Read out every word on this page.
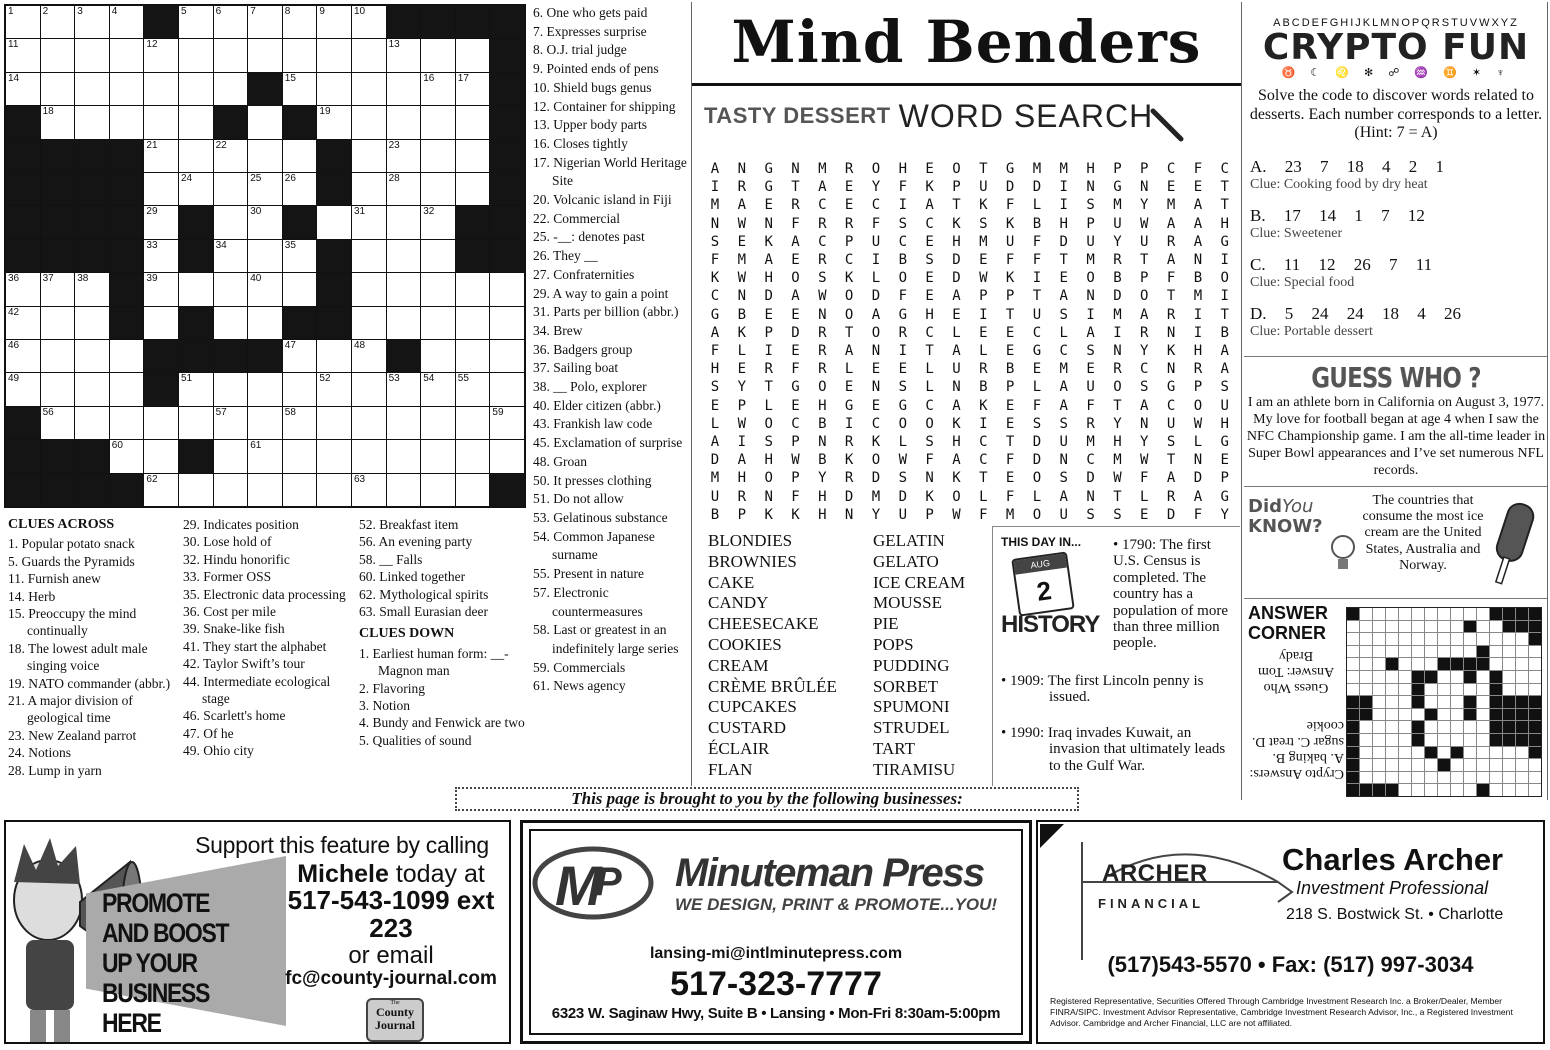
1	2	3	4	5	6	7	8	9	10
11	12	13
14	15	16 17
18	19
21	22	23
24	25 26	28
29	30	31	32
33	34	35
36 37 38	39	40
42
46	47	48
49	51	52	53 54 55
56	57	58	59
60	61
62	63
CLUES ACROSS
1. Popular potato snack
5. Guards the Pyramids
11. Furnish anew
14. Herb
15. Preoccupy the mind continually
18. The lowest adult male singing voice
19. NATO commander (abbr.)
21. A major division of geological time
23. New Zealand parrot
24. Notions
28. Lump in yarn
29. Indicates position
30. Lose hold of
32. Hindu honorific
33. Former OSS
35. Electronic data processing
36. Cost per mile
39. Snake-like fish
41. They start the alphabet
42. Taylor Swift’s tour
44. Intermediate ecological stage
46. Scarlett's home
47. Of he
49. Ohio city
52. Breakfast item
56. An evening party
58. __ Falls
60. Linked together
62. Mythological spirits
63. Small Eurasian deer
CLUES DOWN
1. Earliest human form: __-Magnon man
2. Flavoring
3. Notion
4. Bundy and Fenwick are two
5. Qualities of sound
6. One who gets paid
7. Expresses surprise
8. O.J. trial judge
9. Pointed ends of pens
10. Shield bugs genus
12. Container for shipping
13. Upper body parts
16. Closes tightly
17. Nigerian World Heritage Site
20. Volcanic island in Fiji
22. Commercial
25. -__: denotes past
26. They __
27. Confraternities
29. A way to gain a point
31. Parts per billion (abbr.)
34. Brew
36. Badgers group
37. Sailing boat
38. __ Polo, explorer
40. Elder citizen (abbr.)
43. Frankish law code
45. Exclamation of surprise
48. Groan
50. It presses clothing
51. Do not allow
53. Gelatinous substance
54. Common Japanese surname
55. Present in nature
57. Electronic countermeasures
58. Last or greatest in an indefinitely large series
59. Commercials
61. News agency
Mind Benders
TASTY DESSERT WORD SEARCH
A	N	G	N	M	R	O	H	E	O	T	G	M	M	H	P	P	C	F	C
I	R	G	T	A	E	Y	F	K	P	U	D	D	I	N	G	N	E	E	T
M	A	E	R	C	E	C	I	A	T	K	F	L	I	S	M	Y	M	A	T
N	W	N	F	R	R	F	S	C	K	S	K	B	H	P	U	W	A	A	H
S	E	K	A	C	P	U	C	E	H	M	U	F	D	U	Y	U	R	A	G
F	M	A	E	R	C	I	B	S	D	E	F	F	T	M	R	T	A	N	I
K	W	H	O	S	K	L	O	E	D	W	K	I	E	O	B	P	F	B	O
C	N	D	A	W	O	D	F	E	A	P	P	T	A	N	D	O	T	M	I
G	B	E	E	N	O	A	G	H	E	I	T	U	S	I	M	A	R	I	T
A	K	P	D	R	T	O	R	C	L	E	E	C	L	A	I	R	N	I	B
F	L	I	E	R	A	N	I	T	A	L	E	G	C	S	N	Y	K	H	A
H	E	R	F	R	L	E	E	L	U	R	B	E	M	E	R	C	N	R	A
S	Y	T	G	O	E	N	S	L	N	B	P	L	A	U	O	S	G	P	S
E	P	L	E	H	G	E	G	C	A	K	E	F	A	F	T	A	C	O	U
L	W	O	C	B	I	C	O	O	K	I	E	S	S	R	Y	N	U	W	H
A	I	S	P	N	R	K	L	S	H	C	T	D	U	M	H	Y	S	L	G
D	A	H	W	B	K	O	W	F	A	C	F	D	N	C	M	W	T	N	E
M	H	O	P	Y	R	D	S	N	K	T	E	O	S	D	W	F	A	D	P
U	R	N	F	H	D	M	D	K	O	L	F	L	A	N	T	L	R	A	G
B	P	K	K	H	N	Y	U	P	W	F	M	O	U	S	S	E	D	F	Y
BLONDIES
BROWNIES
CAKE
CANDY
CHEESECAKE
COOKIES
CREAM
CRÈME BRÛLÉE
CUPCAKES
CUSTARD
ÉCLAIR
FLAN
GELATIN
GELATO
ICE CREAM
MOUSSE
PIE
POPS
PUDDING
SORBET
SPUMONI
STRUDEL
TART
TIRAMISU
THIS DAY IN...
AUG
2
HISTORY
• 1790: The first U.S. Census is completed. The country has a population of more than three million people.
• 1909: The first Lincoln penny is issued.
• 1990: Iraq invades Kuwait, an invasion that ultimately leads to the Gulf War.
ABCDEFGHIJKLMNOPQRSTUVWXYZ
CRYPTO FUN
♉ ☾ ♌ ✻ ☍ ♒ ♊ ✶ ♆
Solve the code to discover words related to desserts. Each number corresponds to a letter. (Hint: 7 = A)
A. 23 7 18 4 2 1
Clue: Cooking food by dry heat
B. 17 14 1 7 12
Clue: Sweetener
C. 11 12 26 7 11
Clue: Special food
D. 5 24 24 18 4 26
Clue: Portable dessert
GUESS WHO ?
I am an athlete born in California on August 3, 1977. My love for football began at age 4 when I saw the NFC Championship game. I am the all-time leader in Super Bowl appearances and I’ve set numerous NFL records.
DidYou
KNOW?
The countries that consume the most ice cream are the United States, Australia and Norway.
ANSWER
CORNER
Guess Who Answer: Tom Brady
Crypto Answers: A. baking B. sugar C. treat D. cookie
This page is brought to you by the following businesses:
PROMOTE AND BOOST UP YOUR BUSINESS HERE
Support this feature by calling
Michele today at
517-543-1099 ext 223
or email
fc@county-journal.com
The
County Journal
M
P Minuteman Press
WE DESIGN, PRINT & PROMOTE...YOU!
lansing-mi@intlminutepress.com
517-323-7777
6323 W. Saginaw Hwy, Suite B • Lansing • Mon-Fri 8:30am-5:00pm
ARCHER
FINANCIAL
Charles Archer
Investment Professional
218 S. Bostwick St. • Charlotte
(517)543-5570 • Fax: (517) 997-3034
Registered Representative, Securities Offered Through Cambridge Investment Research Inc. a Broker/Dealer, Member FINRA/SIPC. Investment Advisor Representative, Cambridge Investment Research Advisor, Inc., a Registered Investment Advisor. Cambridge and Archer Financial, LLC are not affiliated.
